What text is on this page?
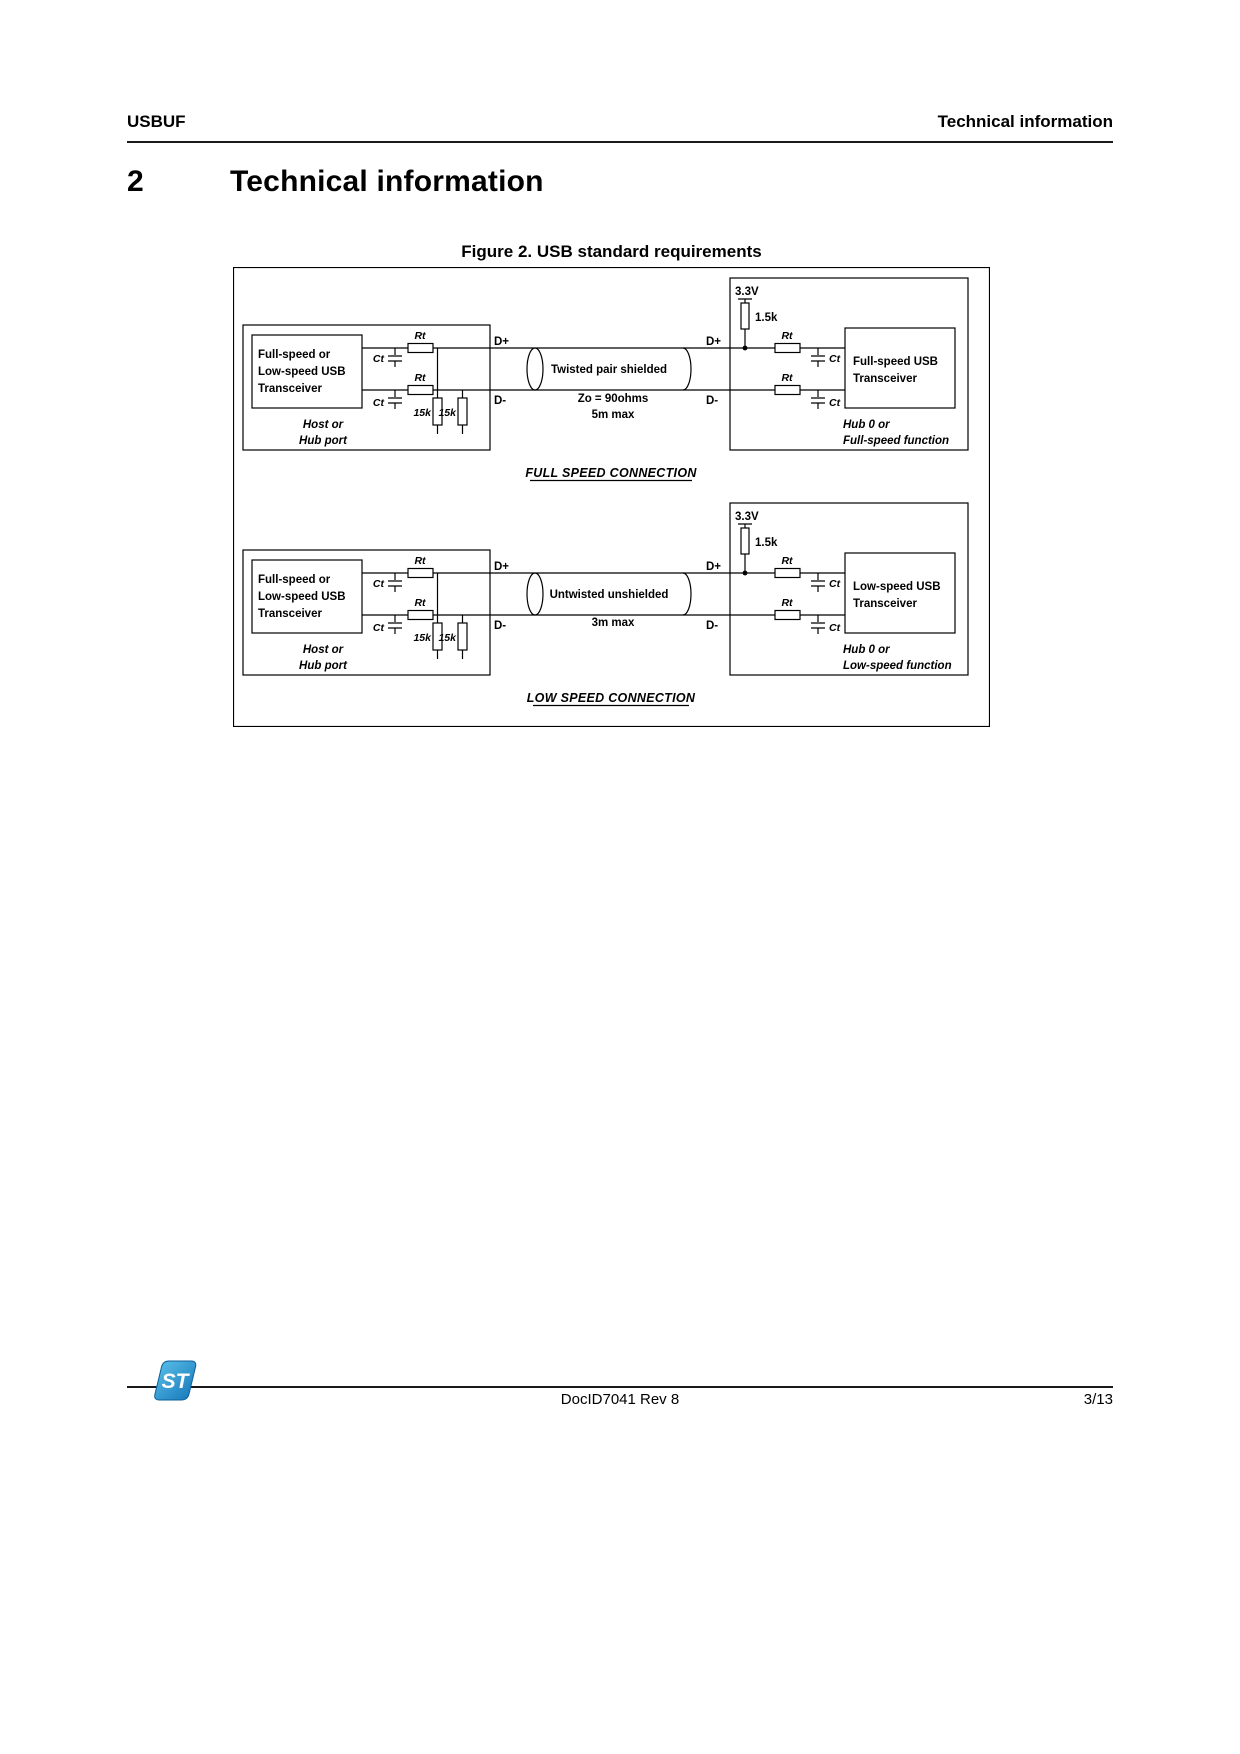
USBUF	Technical information
2	Technical information
Figure 2. USB standard requirements
Full-speed or
Low-speed USB
Transceiver
Host or
Hub port
Ct
Rt
Ct
Rt
15k 15k
D+
D-
Twisted pair shielded
Zo = 90ohms
5m max
D+
D-
3.3V
1.5k
Rt
Ct
Rt
Ct
Full-speed USB
Transceiver
Hub 0 or
Full-speed function
FULL SPEED CONNECTION
Full-speed or
Low-speed USB
Transceiver
Host or
Hub port
Ct
Rt
Ct
Rt
15k 15k
D+
D-
Untwisted unshielded
3m max
D+
D-
3.3V
1.5k
Rt
Ct
Rt
Ct
Low-speed USB
Transceiver
Hub 0 or
Low-speed function
LOW SPEED CONNECTION
ST
DocID7041 Rev 8	3/13
